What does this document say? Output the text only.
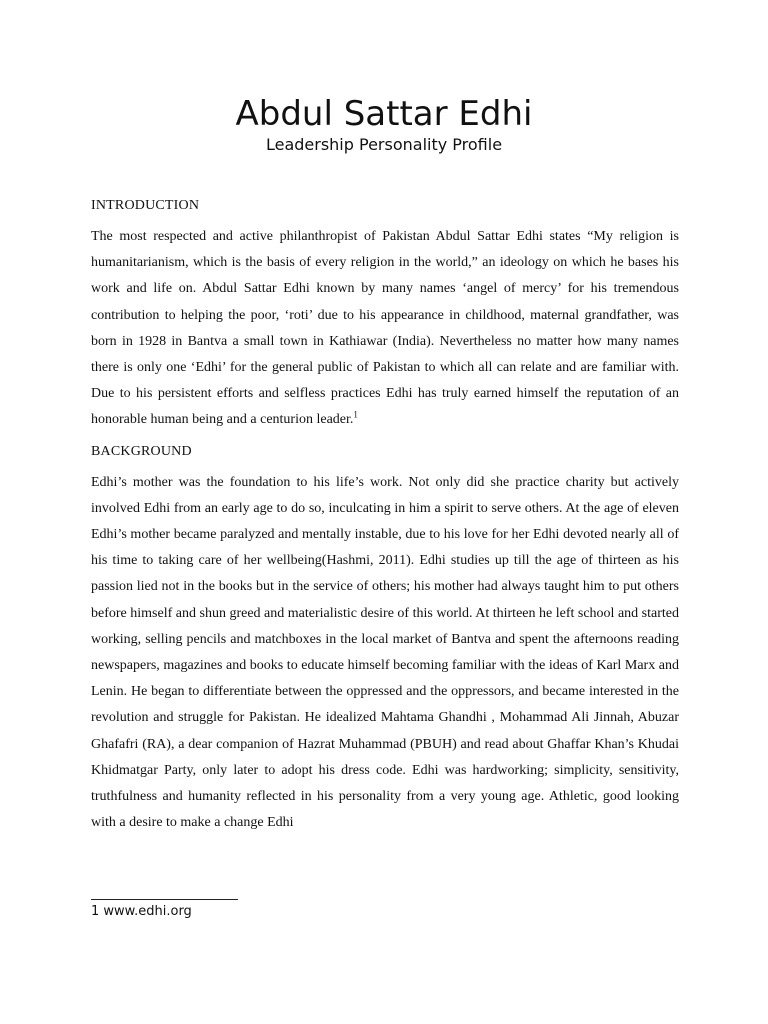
Abdul Sattar Edhi
Leadership Personality Profile
INTRODUCTION

The most respected and active philanthropist of Pakistan Abdul Sattar Edhi states “My religion is humanitarianism, which is the basis of every religion in the world,” an ideology on which he bases his work and life on. Abdul Sattar Edhi known by many names ‘angel of mercy’ for his tremendous contribution to helping the poor, ‘roti’ due to his appearance in childhood, maternal grandfather, was born in 1928 in Bantva a small town in Kathiawar (India). Nevertheless no matter how many names there is only one ‘Edhi’ for the general public of Pakistan to which all can relate and are familiar with. Due to his persistent efforts and selfless practices Edhi has truly earned himself the reputation of an honorable human being and a centurion leader.$^1$

BACKGROUND

Edhi’s mother was the foundation to his life’s work. Not only did she practice charity but actively involved Edhi from an early age to do so, inculcating in him a spirit to serve others. At the age of eleven Edhi’s mother became paralyzed and mentally instable, due to his love for her Edhi devoted nearly all of his time to taking care of her wellbeing(Hashmi, 2011). Edhi studies up till the age of thirteen as his passion lied not in the books but in the service of others; his mother had always taught him to put others before himself and shun greed and materialistic desire of this world. At thirteen he left school and started working, selling pencils and matchboxes in the local market of Bantva and spent the afternoons reading newspapers, magazines and books to educate himself becoming familiar with the ideas of Karl Marx and Lenin. He began to differentiate between the oppressed and the oppressors, and became interested in the revolution and struggle for Pakistan. He idealized Mahtama Ghandhi , Mohammad Ali Jinnah, Abuzar Ghafafri (RA), a dear companion of Hazrat Muhammad (PBUH) and read about Ghaffar Khan’s Khudai Khidmatgar Party, only later to adopt his dress code. Edhi was hardworking; simplicity, sensitivity, truthfulness and humanity reflected in his personality from a very young age. Athletic, good looking with a desire to make a change Edhi

1 www.edhi.org
